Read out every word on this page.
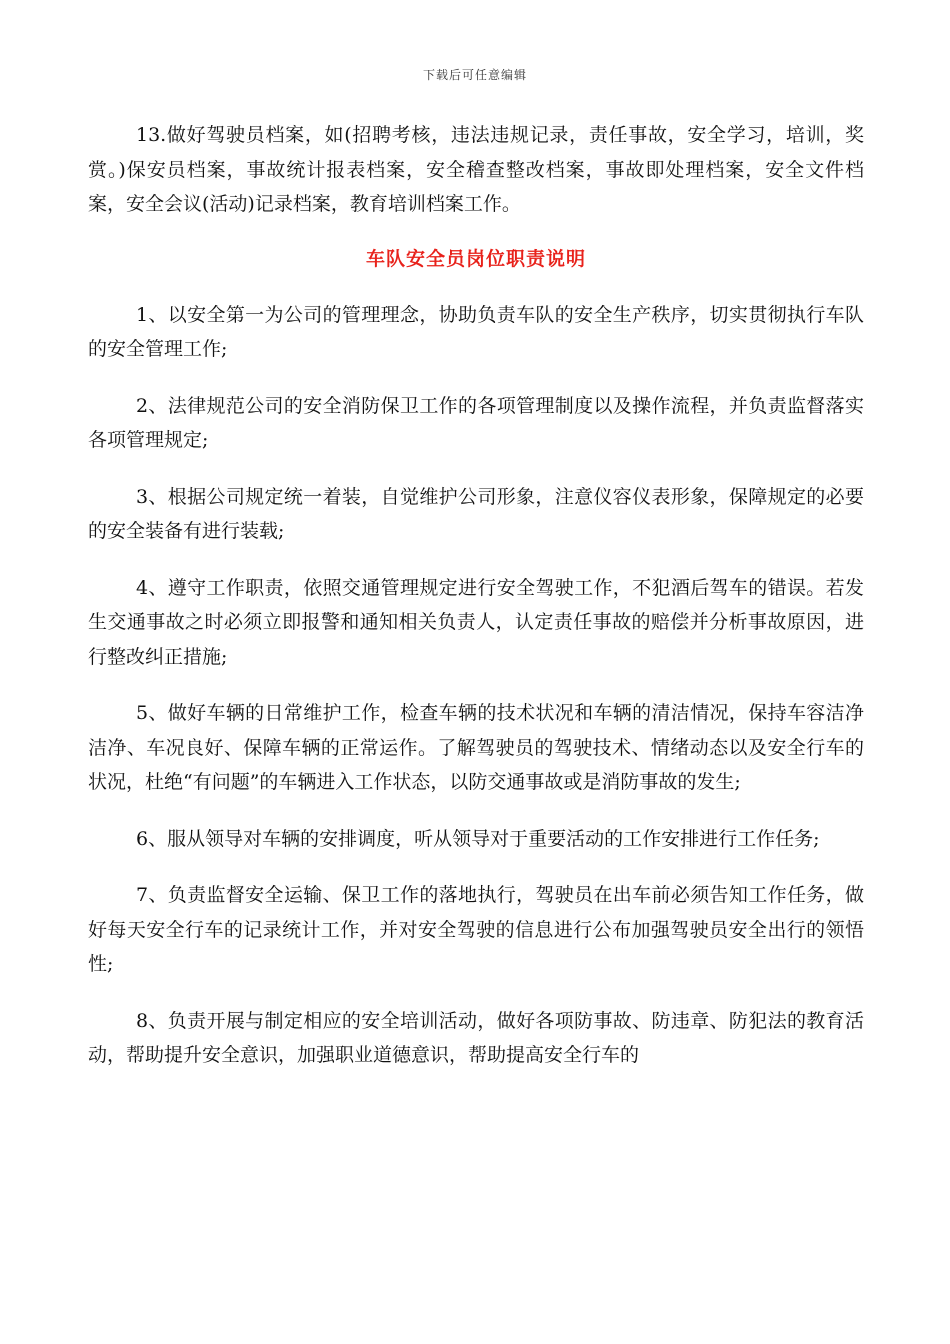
下载后可任意编辑

13.做好驾驶员档案，如(招聘考核，违法违规记录，责任事故，安全学习，培训，奖赏。)保安员档案，事故统计报表档案，安全稽查整改档案，事故即处理档案，安全文件档案，安全会议(活动)记录档案，教育培训档案工作。

车队安全员岗位职责说明

1、以安全第一为公司的管理理念，协助负责车队的安全生产秩序，切实贯彻执行车队的安全管理工作;

2、法律规范公司的安全消防保卫工作的各项管理制度以及操作流程，并负责监督落实各项管理规定;

3、根据公司规定统一着装，自觉维护公司形象，注意仪容仪表形象，保障规定的必要的安全装备有进行装载;

4、遵守工作职责，依照交通管理规定进行安全驾驶工作，不犯酒后驾车的错误。若发生交通事故之时必须立即报警和通知相关负责人，认定责任事故的赔偿并分析事故原因，进行整改纠正措施;

5、做好车辆的日常维护工作，检查车辆的技术状况和车辆的清洁情况，保持车容洁净洁净、车况良好、保障车辆的正常运作。了解驾驶员的驾驶技术、情绪动态以及安全行车的状况，杜绝“有问题”的车辆进入工作状态，以防交通事故或是消防事故的发生;

6、服从领导对车辆的安排调度，听从领导对于重要活动的工作安排进行工作任务;

7、负责监督安全运输、保卫工作的落地执行，驾驶员在出车前必须告知工作任务，做好每天安全行车的记录统计工作，并对安全驾驶的信息进行公布加强驾驶员安全出行的领悟性;

8、负责开展与制定相应的安全培训活动，做好各项防事故、防违章、防犯法的教育活动，帮助提升安全意识，加强职业道德意识，帮助提高安全行车的
